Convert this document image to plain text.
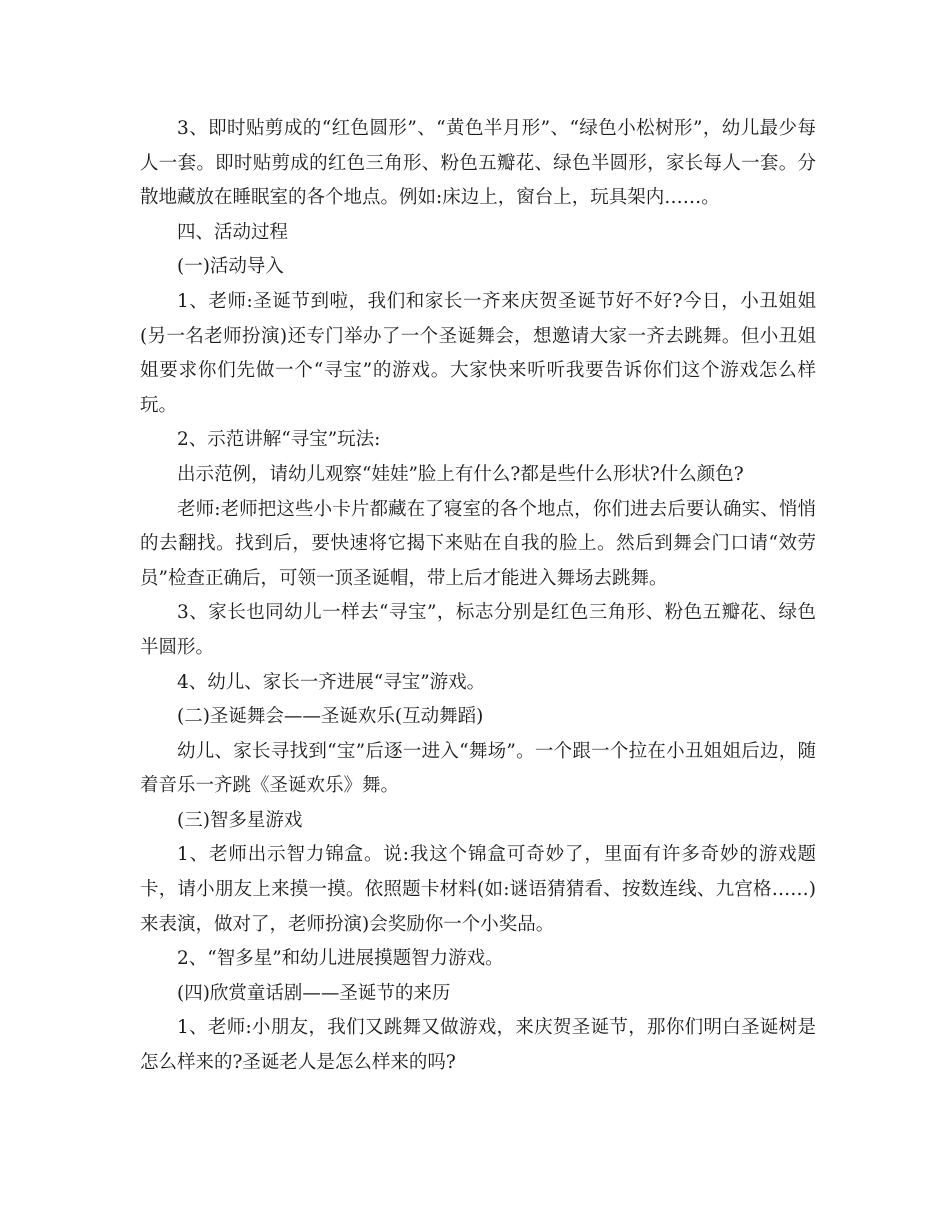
3、即时贴剪成的“红色圆形”、“黄色半月形”、“绿色小松树形”，幼儿最少每人一套。即时贴剪成的红色三角形、粉色五瓣花、绿色半圆形，家长每人一套。分散地藏放在睡眠室的各个地点。例如:床边上，窗台上，玩具架内……。

四、活动过程

(一)活动导入

1、老师:圣诞节到啦，我们和家长一齐来庆贺圣诞节好不好?今日，小丑姐姐(另一名老师扮演)还专门举办了一个圣诞舞会，想邀请大家一齐去跳舞。但小丑姐姐要求你们先做一个“寻宝”的游戏。大家快来听听我要告诉你们这个游戏怎么样玩。

2、示范讲解“寻宝”玩法:

出示范例，请幼儿观察“娃娃”脸上有什么?都是些什么形状?什么颜色?

老师:老师把这些小卡片都藏在了寝室的各个地点，你们进去后要认确实、悄悄的去翻找。找到后，要快速将它揭下来贴在自我的脸上。然后到舞会门口请“效劳员”检查正确后，可领一顶圣诞帽，带上后才能进入舞场去跳舞。

3、家长也同幼儿一样去“寻宝”，标志分别是红色三角形、粉色五瓣花、绿色半圆形。

4、幼儿、家长一齐进展“寻宝”游戏。

(二)圣诞舞会——圣诞欢乐(互动舞蹈)

幼儿、家长寻找到“宝”后逐一进入“舞场”。一个跟一个拉在小丑姐姐后边，随着音乐一齐跳《圣诞欢乐》舞。

(三)智多星游戏

1、老师出示智力锦盒。说:我这个锦盒可奇妙了，里面有许多奇妙的游戏题卡，请小朋友上来摸一摸。依照题卡材料(如:谜语猜猜看、按数连线、九宫格……)来表演，做对了，老师扮演)会奖励你一个小奖品。

2、“智多星”和幼儿进展摸题智力游戏。

(四)欣赏童话剧——圣诞节的来历

1、老师:小朋友，我们又跳舞又做游戏，来庆贺圣诞节，那你们明白圣诞树是怎么样来的?圣诞老人是怎么样来的吗?
